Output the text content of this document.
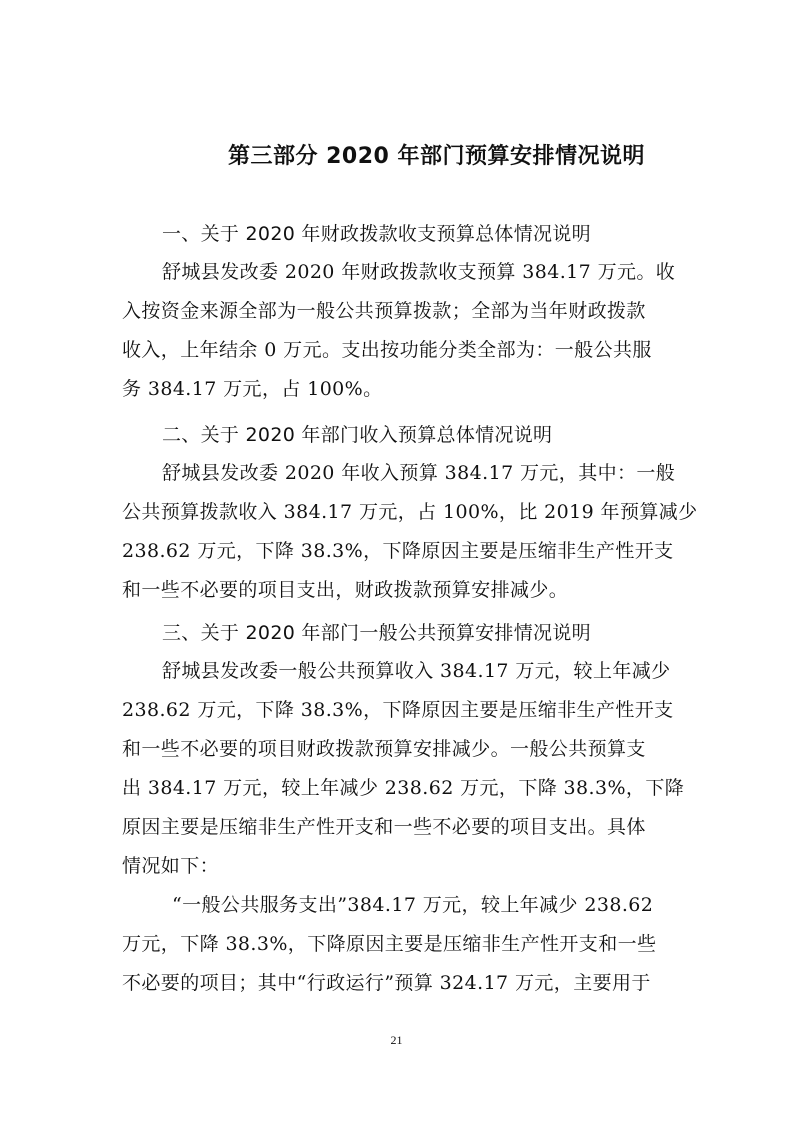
第三部分 2020 年部门预算安排情况说明
一、关于 2020 年财政拨款收支预算总体情况说明
舒城县发改委 2020 年财政拨款收支预算 384.17 万元。收
入按资金来源全部为一般公共预算拨款；全部为当年财政拨款
收入，上年结余 0 万元。支出按功能分类全部为：一般公共服
务 384.17 万元，占 100%。
二、关于 2020 年部门收入预算总体情况说明
舒城县发改委 2020 年收入预算 384.17 万元，其中：一般
公共预算拨款收入 384.17 万元，占 100%，比 2019 年预算减少
238.62 万元，下降 38.3%，下降原因主要是压缩非生产性开支
和一些不必要的项目支出，财政拨款预算安排减少。
三、关于 2020 年部门一般公共预算安排情况说明
舒城县发改委一般公共预算收入 384.17 万元，较上年减少
238.62 万元，下降 38.3%，下降原因主要是压缩非生产性开支
和一些不必要的项目财政拨款预算安排减少。一般公共预算支
出 384.17 万元，较上年减少 238.62 万元，下降 38.3%，下降
原因主要是压缩非生产性开支和一些不必要的项目支出。具体
情况如下：
“一般公共服务支出”384.17 万元，较上年减少 238.62
万元，下降 38.3%，下降原因主要是压缩非生产性开支和一些
不必要的项目；其中“行政运行”预算 324.17 万元，主要用于
21
